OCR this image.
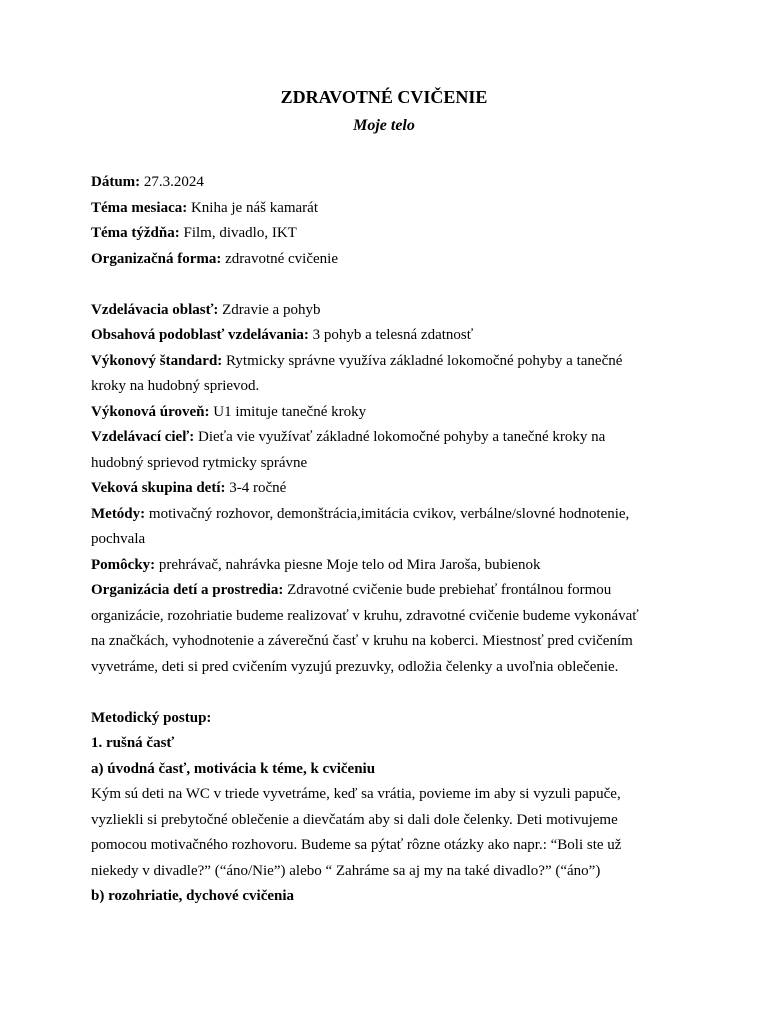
ZDRAVOTNÉ CVIČENIE
Moje telo

Dátum: 27.3.2024

Téma mesiaca: Kniha je náš kamarát

Téma týždňa: Film, divadlo, IKT

Organizačná forma: zdravotné cvičenie

Vzdelávacia oblasť: Zdravie a pohyb

Obsahová podoblasť vzdelávania: 3 pohyb a telesná zdatnosť

Výkonový štandard: Rytmicky správne využíva základné lokomočné pohyby a tanečné

kroky na hudobný sprievod.

Výkonová úroveň: U1 imituje tanečné kroky

Vzdelávací cieľ: Dieťa vie využívať základné lokomočné pohyby a tanečné kroky na

hudobný sprievod rytmicky správne

Veková skupina detí: 3-4 ročné

Metódy: motivačný rozhovor, demonštrácia,imitácia cvikov, verbálne/slovné hodnotenie,

pochvala

Pomôcky: prehrávač, nahrávka piesne Moje telo od Mira Jaroša, bubienok

Organizácia detí a prostredia: Zdravotné cvičenie bude prebiehať frontálnou formou

organizácie, rozohriatie budeme realizovať v kruhu, zdravotné cvičenie budeme vykonávať

na značkách, vyhodnotenie a záverečnú časť v kruhu na koberci. Miestnosť pred cvičením

vyvetráme, deti si pred cvičením vyzujú prezuvky, odložia čelenky a uvoľnia oblečenie.

Metodický postup:

1. rušná časť

a) úvodná časť, motivácia k téme, k cvičeniu

Kým sú deti na WC v triede vyvetráme, keď sa vrátia, povieme im aby si vyzuli papuče,

vyzliekli si prebytočné oblečenie a dievčatám aby si dali dole čelenky. Deti motivujeme

pomocou motivačného rozhovoru. Budeme sa pýtať rôzne otázky ako napr.: “Boli ste už

niekedy v divadle?” (“áno/Nie”) alebo “ Zahráme sa aj my na také divadlo?” (“áno”)

b) rozohriatie, dychové cvičenia
